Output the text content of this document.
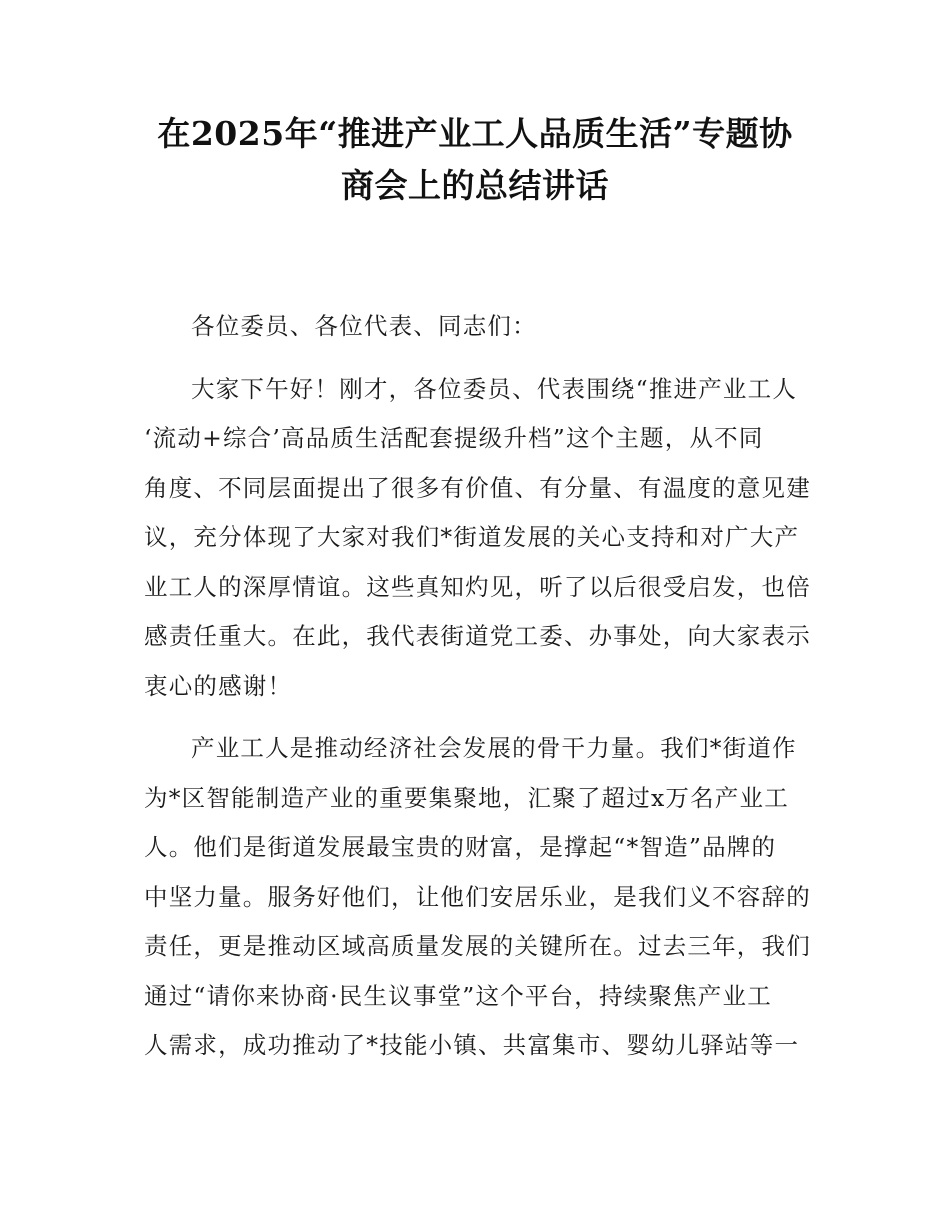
在2025年“推进产业工人品质生活”专题协
商会上的总结讲话
各位委员、各位代表、同志们：
大家下午好！刚才，各位委员、代表围绕“推进产业工人
‘流动+综合’高品质生活配套提级升档”这个主题，从不同
角度、不同层面提出了很多有价值、有分量、有温度的意见建
议，充分体现了大家对我们*街道发展的关心支持和对广大产
业工人的深厚情谊。这些真知灼见，听了以后很受启发，也倍
感责任重大。在此，我代表街道党工委、办事处，向大家表示
衷心的感谢！
产业工人是推动经济社会发展的骨干力量。我们*街道作
为*区智能制造产业的重要集聚地，汇聚了超过x万名产业工
人。他们是街道发展最宝贵的财富，是撑起“*智造”品牌的
中坚力量。服务好他们，让他们安居乐业，是我们义不容辞的
责任，更是推动区域高质量发展的关键所在。过去三年，我们
通过“请你来协商·民生议事堂”这个平台，持续聚焦产业工
人需求，成功推动了*技能小镇、共富集市、婴幼儿驿站等一
